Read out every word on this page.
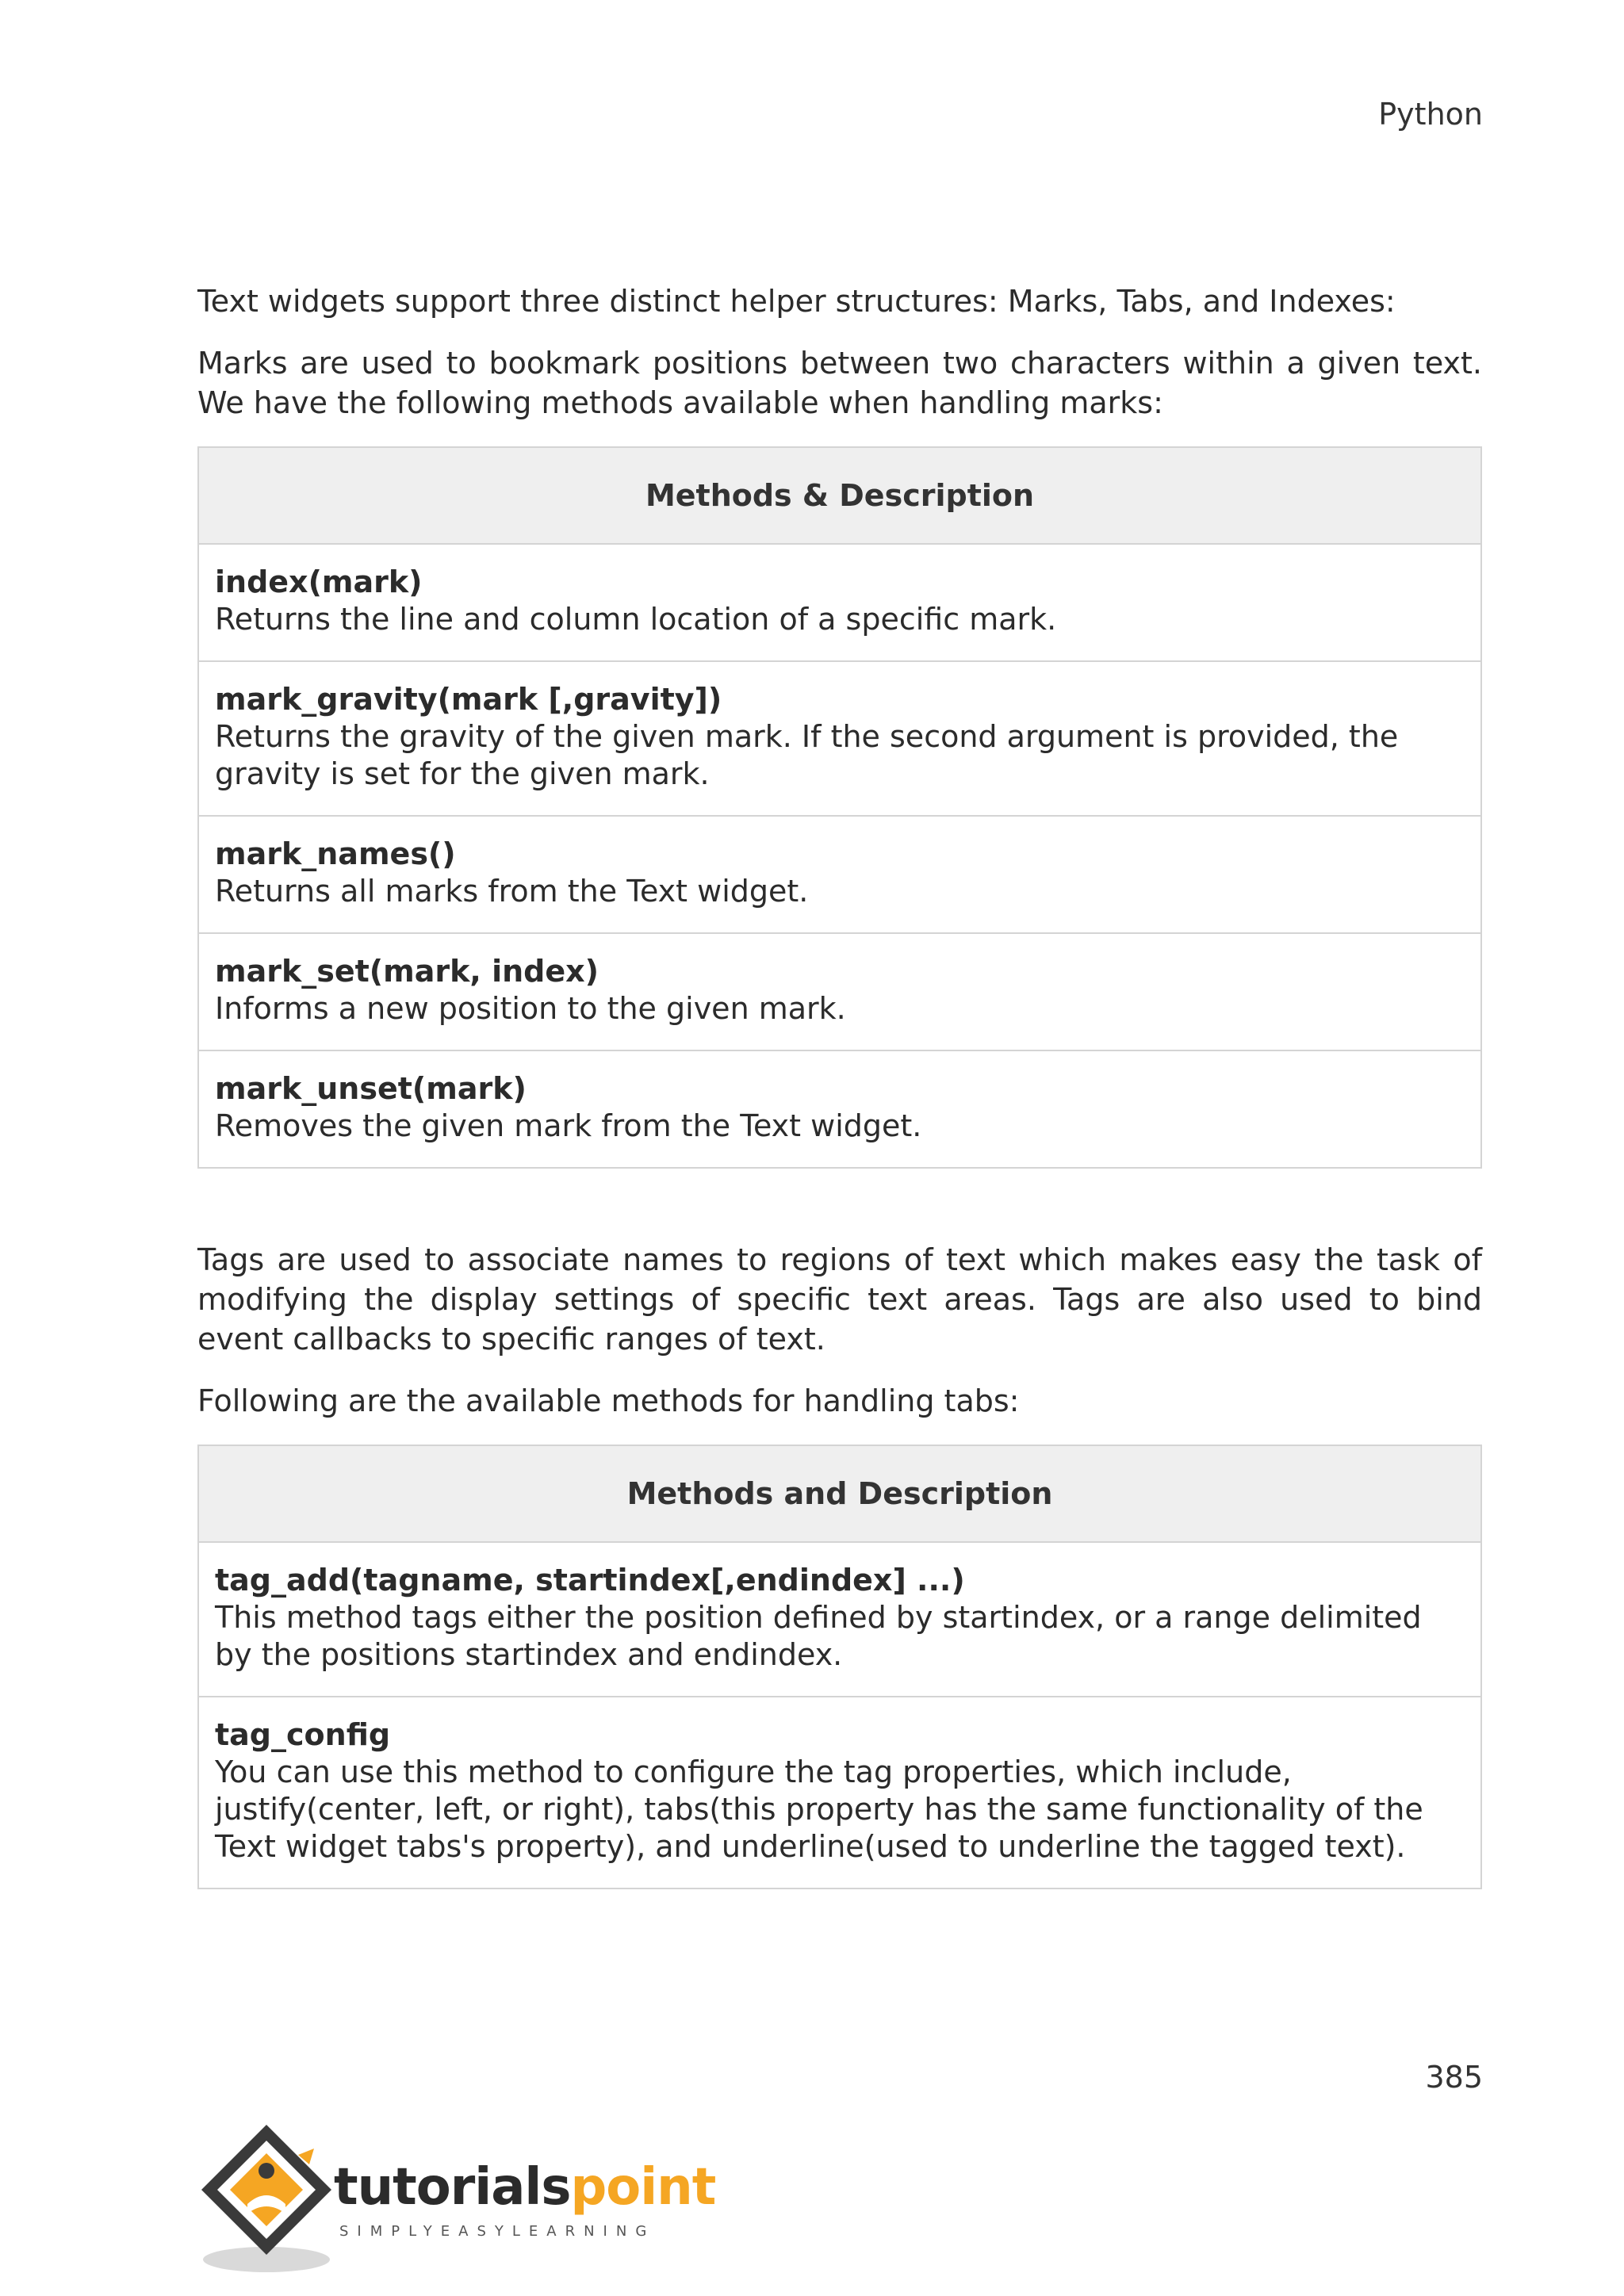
Python

Text widgets support three distinct helper structures: Marks, Tabs, and Indexes:

Marks are used to bookmark positions between two characters within a given text. We have the following methods available when handling marks:

Methods & Description

index(mark)
Returns the line and column location of a specific mark.

mark_gravity(mark [,gravity])
Returns the gravity of the given mark. If the second argument is provided, the gravity is set for the given mark.

mark_names()
Returns all marks from the Text widget.

mark_set(mark, index)
Informs a new position to the given mark.

mark_unset(mark)
Removes the given mark from the Text widget.

Tags are used to associate names to regions of text which makes easy the task of modifying the display settings of specific text areas. Tags are also used to bind event callbacks to specific ranges of text.

Following are the available methods for handling tabs:

Methods and Description

tag_add(tagname, startindex[,endindex] ...)
This method tags either the position defined by startindex, or a range delimited by the positions startindex and endindex.

tag_config
You can use this method to configure the tag properties, which include, justify(center, left, or right), tabs(this property has the same functionality of the Text widget tabs's property), and underline(used to underline the tagged text).
385
tutorialspoint
SIMPLYEASYLEARNING
